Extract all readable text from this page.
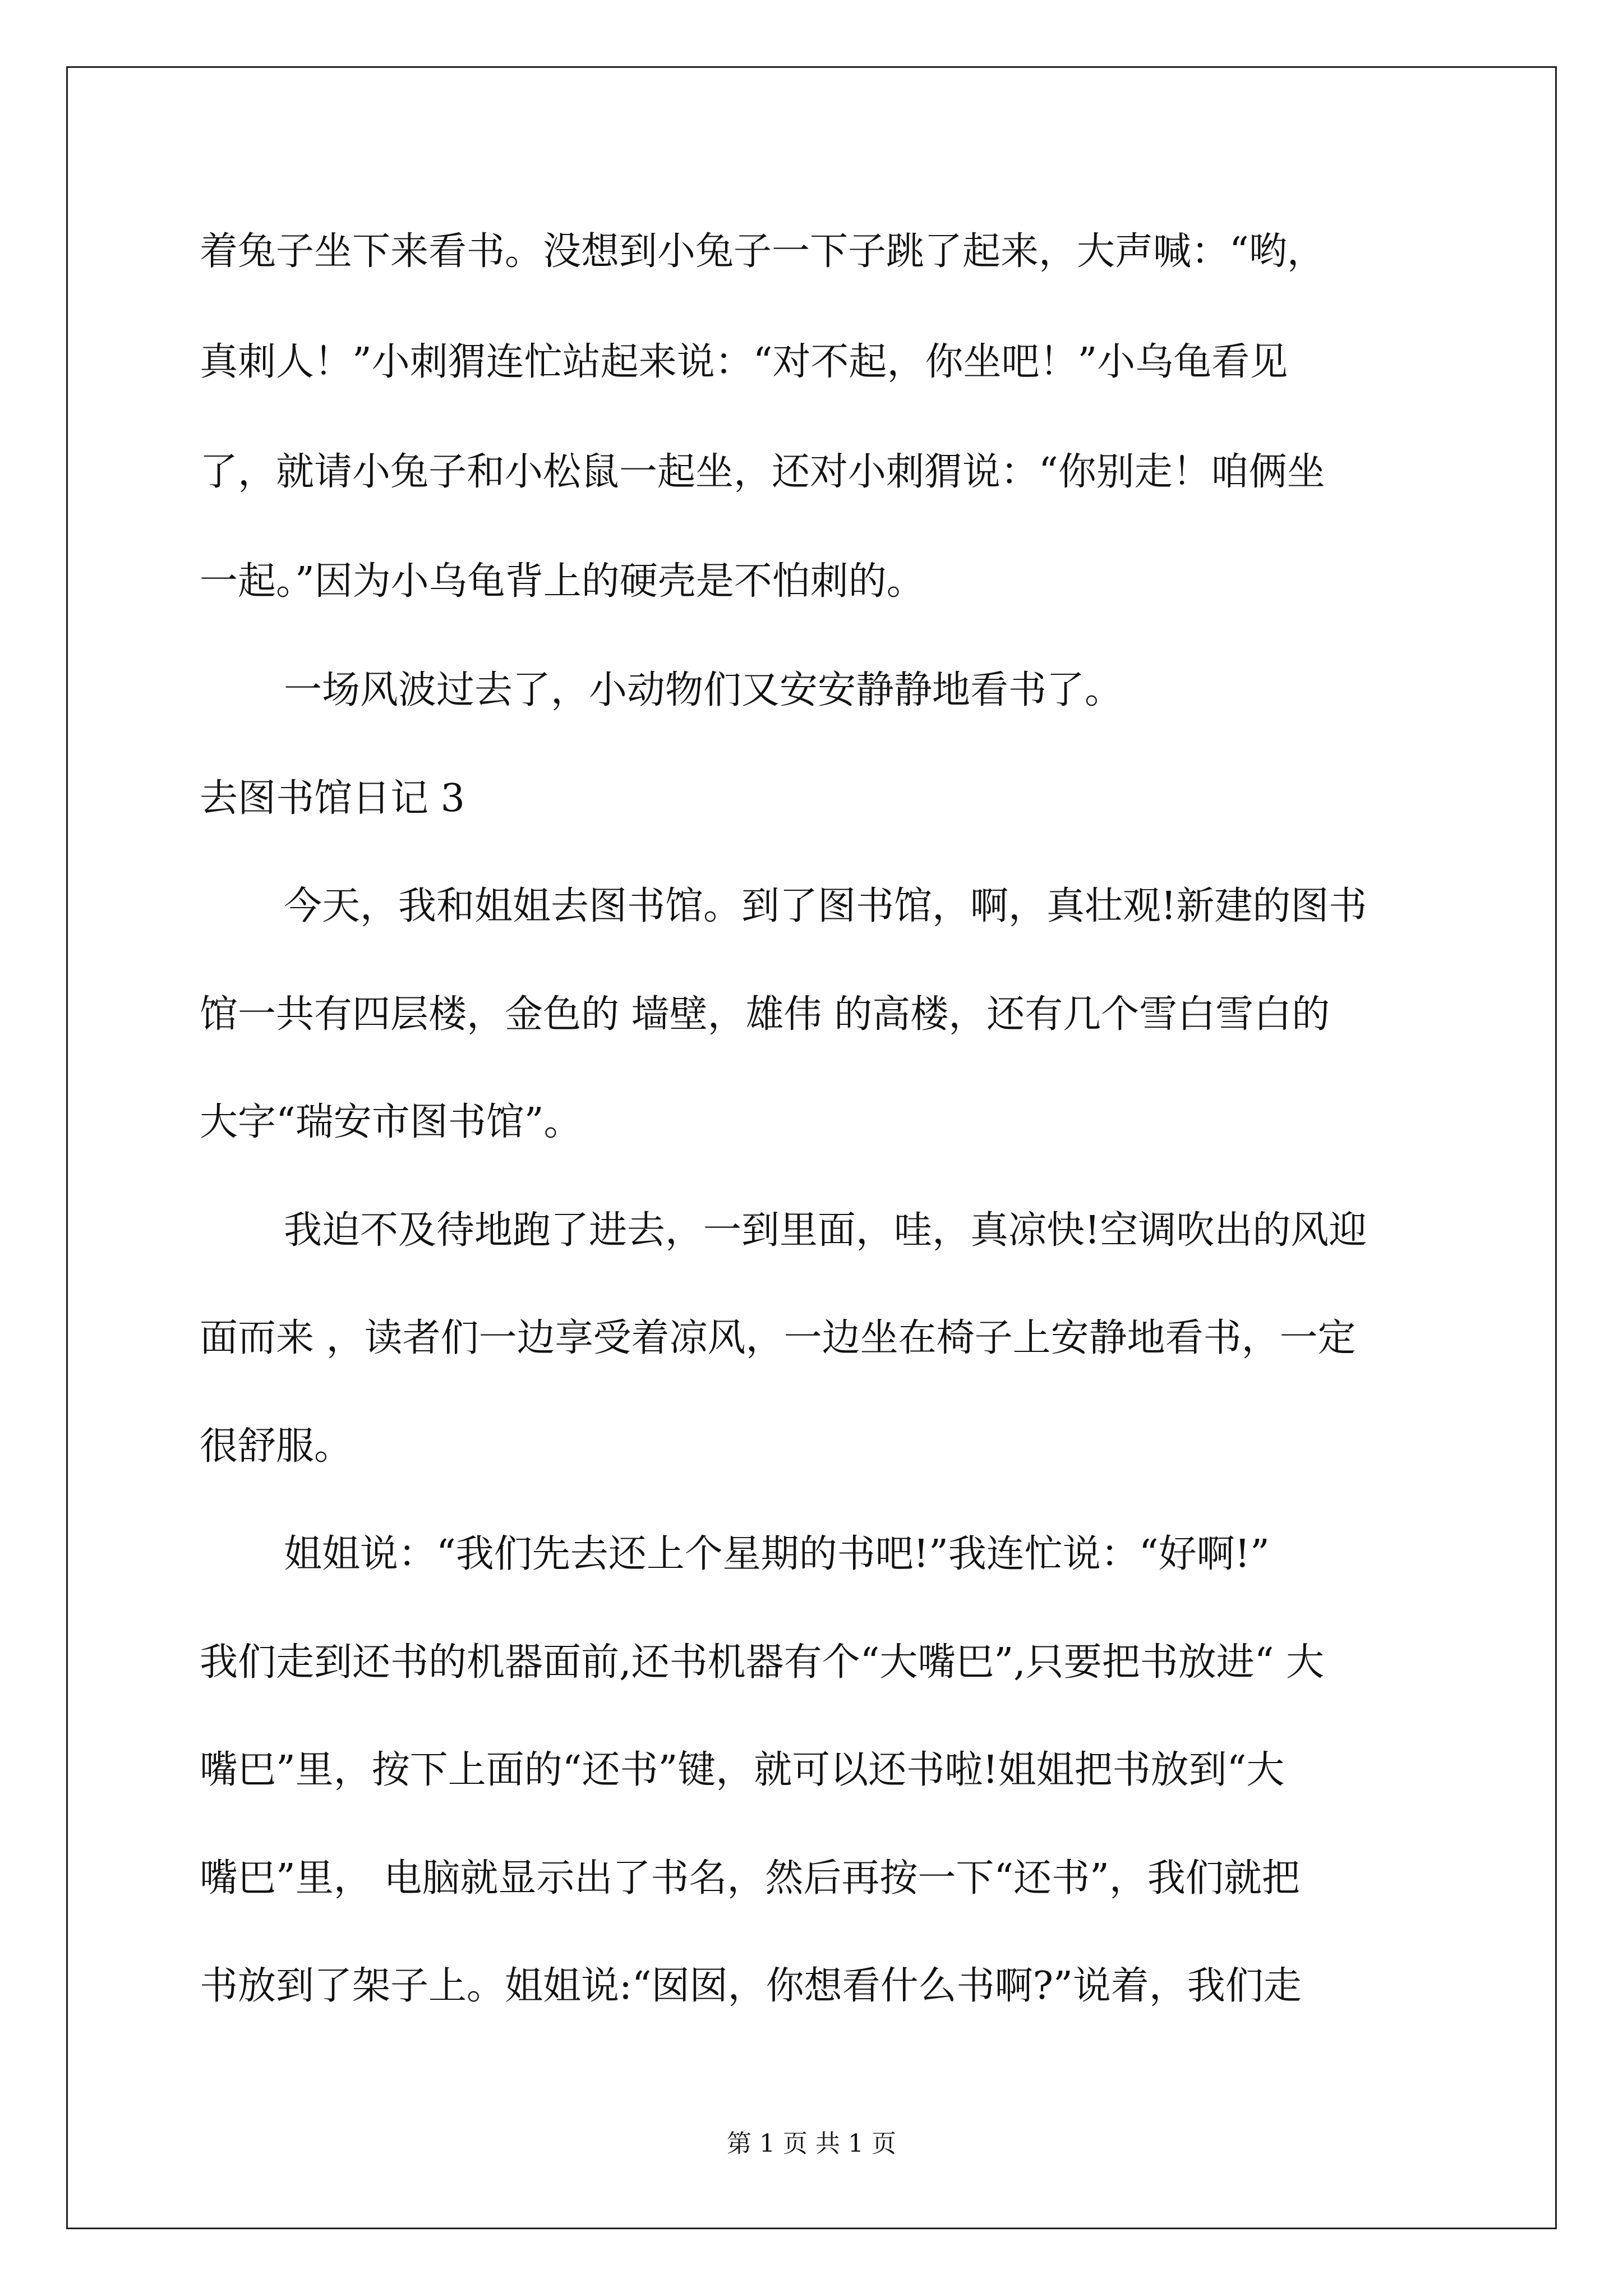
着兔子坐下来看书。没想到小兔子一下子跳了起来，大声喊：“哟，
真刺人！”小刺猬连忙站起来说：“对不起，你坐吧！”小乌龟看见
了，就请小兔子和小松鼠一起坐，还对小刺猬说：“你别走！咱俩坐
一起。”因为小乌龟背上的硬壳是不怕刺的。
一场风波过去了，小动物们又安安静静地看书了。
去图书馆日记 3
今天，我和姐姐去图书馆。到了图书馆，啊，真壮观!新建的图书
馆一共有四层楼，金色的 墙壁，雄伟 的高楼，还有几个雪白雪白的
大字“瑞安市图书馆”。
我迫不及待地跑了进去，一到里面，哇，真凉快!空调吹出的风迎
面而来 ，读者们一边享受着凉风，一边坐在椅子上安静地看书，一定
很舒服。
姐姐说：“我们先去还上个星期的书吧!”我连忙说：“好啊!”
我们走到还书的机器面前,还书机器有个“大嘴巴”,只要把书放进“ 大
嘴巴”里，按下上面的“还书”键，就可以还书啦!姐姐把书放到“大
嘴巴”里， 电脑就显示出了书名，然后再按一下“还书”，我们就把
书放到了架子上。姐姐说:“囡囡，你想看什么书啊?”说着，我们走
第 1 页 共 1 页
